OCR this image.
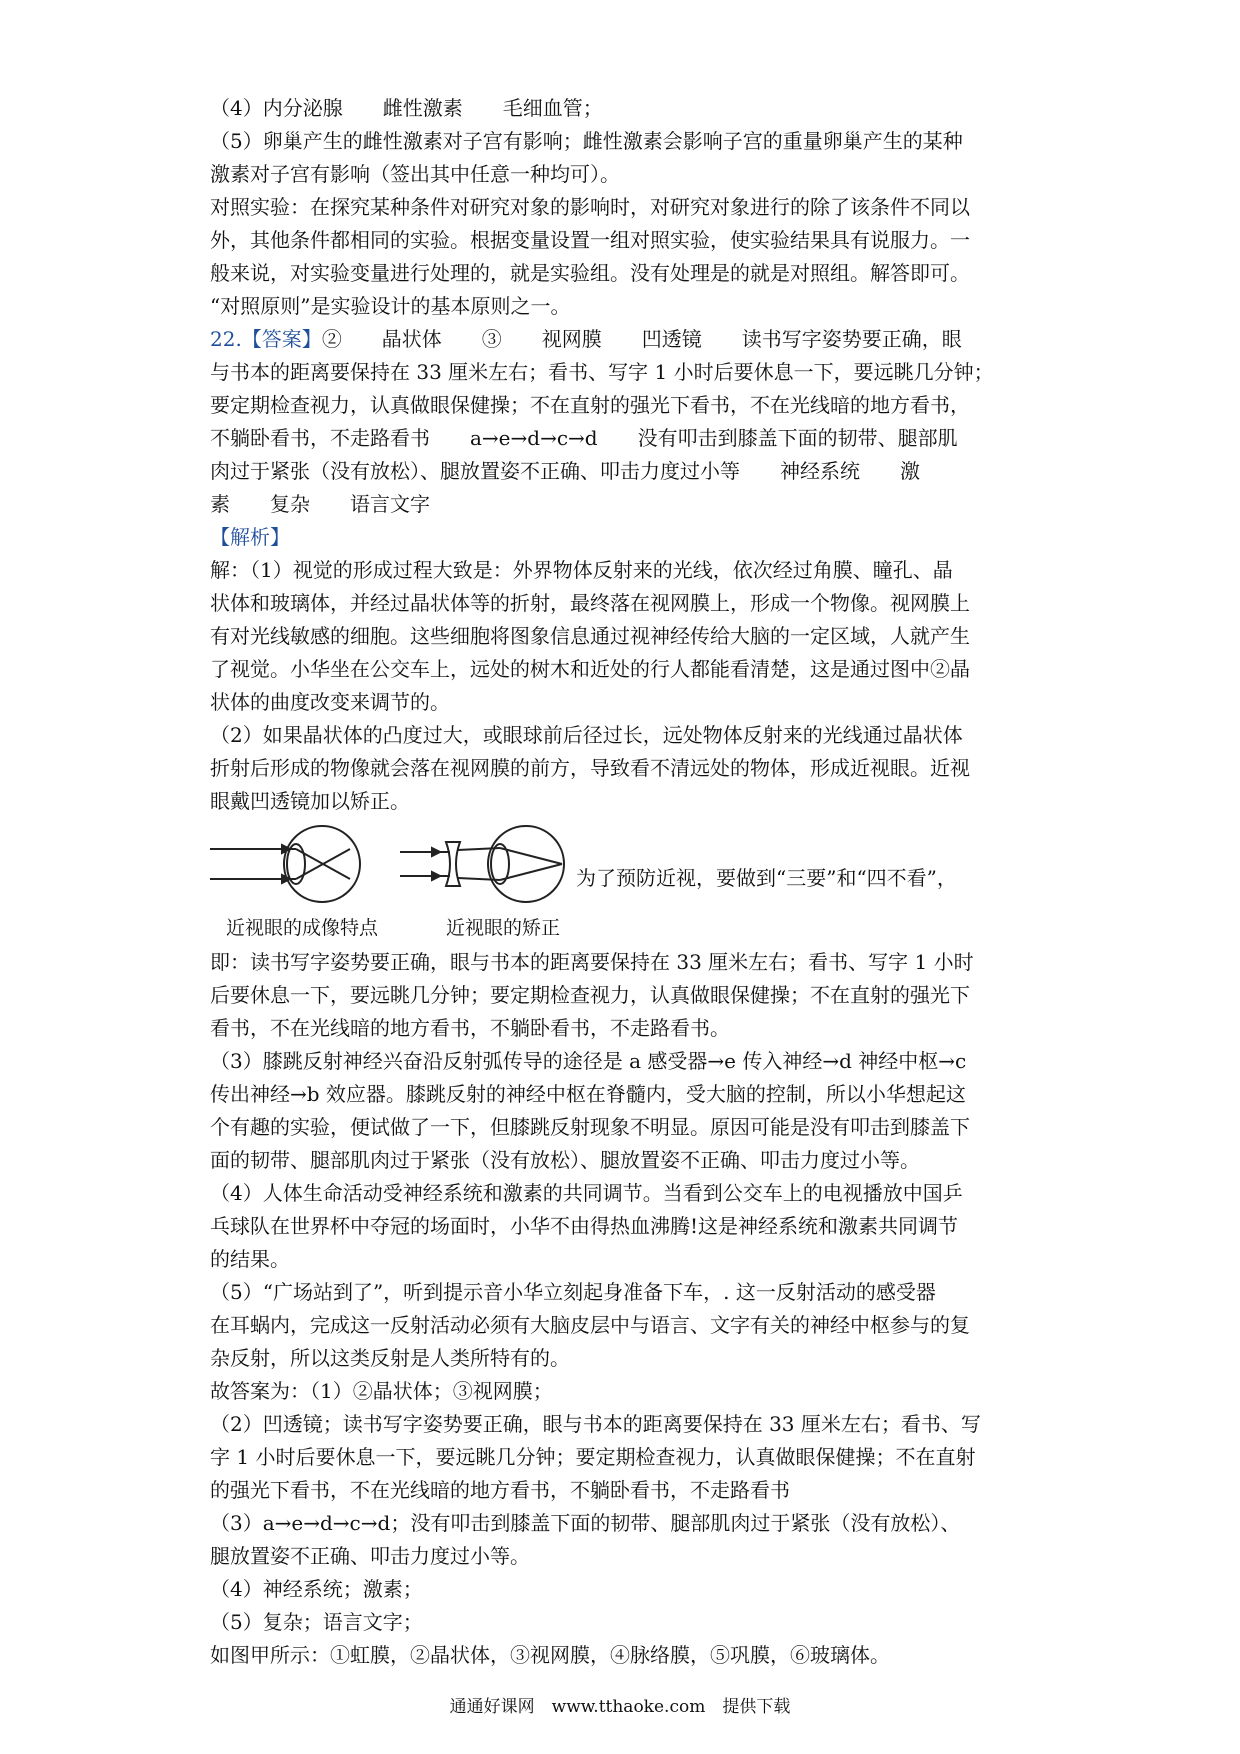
（4）内分泌腺　　雌性激素　　毛细血管；
（5）卵巢产生的雌性激素对子宫有影响；雌性激素会影响子宫的重量卵巢产生的某种
激素对子宫有影响（签出其中任意一种均可）。
对照实验：在探究某种条件对研究对象的影响时，对研究对象进行的除了该条件不同以
外，其他条件都相同的实验。根据变量设置一组对照实验，使实验结果具有说服力。一
般来说，对实验变量进行处理的，就是实验组。没有处理是的就是对照组。解答即可。
“对照原则”是实验设计的基本原则之一。
22.【答案】②　　晶状体　　③　　视网膜　　凹透镜　　读书写字姿势要正确，眼
与书本的距离要保持在 33 厘米左右；看书、写字 1 小时后要休息一下，要远眺几分钟；
要定期检查视力，认真做眼保健操；不在直射的强光下看书，不在光线暗的地方看书，
不躺卧看书，不走路看书　　a→e→d→c→d　　没有叩击到膝盖下面的韧带、腿部肌
肉过于紧张（没有放松）、腿放置姿不正确、叩击力度过小等　　神经系统　　激
素　　复杂　　语言文字
【解析】
解：（1）视觉的形成过程大致是：外界物体反射来的光线，依次经过角膜、瞳孔、晶
状体和玻璃体，并经过晶状体等的折射，最终落在视网膜上，形成一个物像。视网膜上
有对光线敏感的细胞。这些细胞将图象信息通过视神经传给大脑的一定区域，人就产生
了视觉。小华坐在公交车上，远处的树木和近处的行人都能看清楚，这是通过图中②晶
状体的曲度改变来调节的。
（2）如果晶状体的凸度过大，或眼球前后径过长，远处物体反射来的光线通过晶状体
折射后形成的物像就会落在视网膜的前方，导致看不清远处的物体，形成近视眼。近视
眼戴凹透镜加以矫正。
近视眼的成像特点	近视眼的矫正
为了预防近视，要做到“三要”和“四不看”，
即：读书写字姿势要正确，眼与书本的距离要保持在 33 厘米左右；看书、写字 1 小时
后要休息一下，要远眺几分钟；要定期检查视力，认真做眼保健操；不在直射的强光下
看书，不在光线暗的地方看书，不躺卧看书，不走路看书。
（3）膝跳反射神经兴奋沿反射弧传导的途径是 a 感受器→e 传入神经→d 神经中枢→c
传出神经→b 效应器。膝跳反射的神经中枢在脊髓内，受大脑的控制，所以小华想起这
个有趣的实验，便试做了一下，但膝跳反射现象不明显。原因可能是没有叩击到膝盖下
面的韧带、腿部肌肉过于紧张（没有放松）、腿放置姿不正确、叩击力度过小等。
（4）人体生命活动受神经系统和激素的共同调节。当看到公交车上的电视播放中国乒
乓球队在世界杯中夺冠的场面时，小华不由得热血沸腾!这是神经系统和激素共同调节
的结果。
（5）“广场站到了”，听到提示音小华立刻起身准备下车，. 这一反射活动的感受器
在耳蜗内，完成这一反射活动必须有大脑皮层中与语言、文字有关的神经中枢参与的复
杂反射，所以这类反射是人类所特有的。
故答案为：（1）②晶状体；③视网膜；
（2）凹透镜；读书写字姿势要正确，眼与书本的距离要保持在 33 厘米左右；看书、写
字 1 小时后要休息一下，要远眺几分钟；要定期检查视力，认真做眼保健操；不在直射
的强光下看书，不在光线暗的地方看书，不躺卧看书，不走路看书
（3）a→e→d→c→d；没有叩击到膝盖下面的韧带、腿部肌肉过于紧张（没有放松）、
腿放置姿不正确、叩击力度过小等。
（4）神经系统；激素；
（5）复杂；语言文字；
如图甲所示：①虹膜，②晶状体，③视网膜，④脉络膜，⑤巩膜，⑥玻璃体。
通通好课网　www.tthaoke.com　提供下载
